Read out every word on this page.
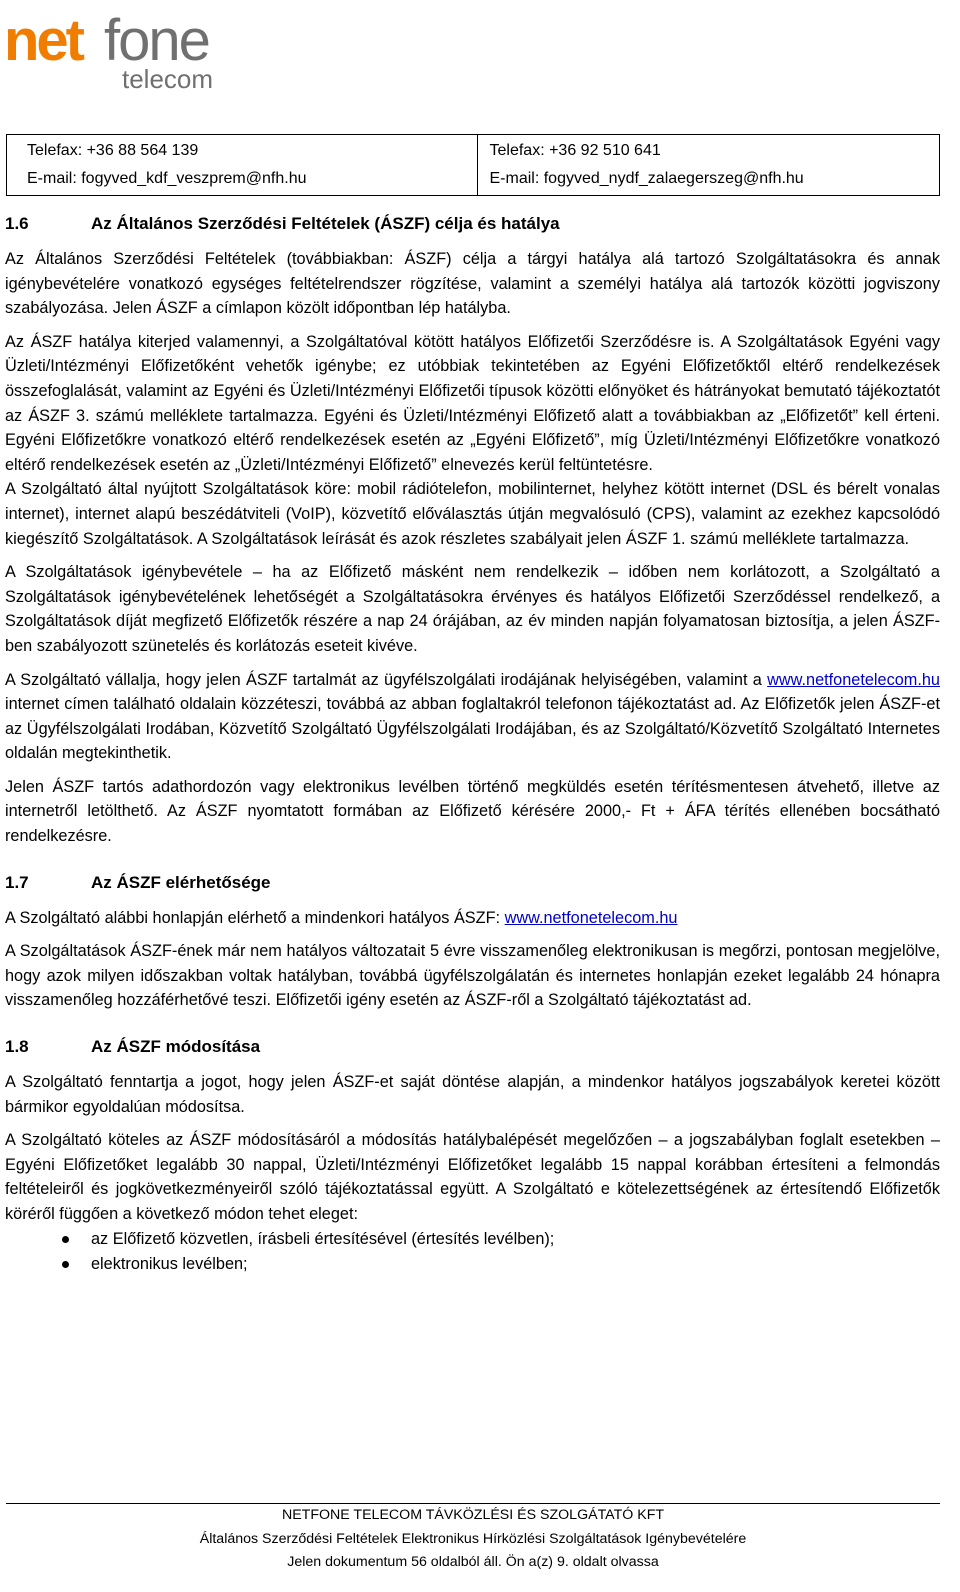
net fone
telecom
Telefax: +36 88 564 139
E-mail: fogyved_kdf_veszprem@nfh.hu
Telefax: +36 92 510 641
E-mail: fogyved_nydf_zalaegerszeg@nfh.hu
1.6	Az Általános Szerződési Feltételek (ÁSZF) célja és hatálya

Az Általános Szerződési Feltételek (továbbiakban: ÁSZF) célja a tárgyi hatálya alá tartozó Szolgáltatásokra és annak igénybevételére vonatkozó egységes feltételrendszer rögzítése, valamint a személyi hatálya alá tartozók közötti jogviszony szabályozása. Jelen ÁSZF a címlapon közölt időpontban lép hatályba.

Az ÁSZF hatálya kiterjed valamennyi, a Szolgáltatóval kötött hatályos Előfizetői Szerződésre is. A Szolgáltatások Egyéni vagy Üzleti/Intézményi Előfizetőként vehetők igénybe; ez utóbbiak tekintetében az Egyéni Előfizetőktől eltérő rendelkezések összefoglalását, valamint az Egyéni és Üzleti/Intézményi Előfizetői típusok közötti előnyöket és hátrányokat bemutató tájékoztatót az ÁSZF 3. számú melléklete tartalmazza. Egyéni és Üzleti/Intézményi Előfizető alatt a továbbiakban az „Előfizetőt” kell érteni. Egyéni Előfizetőkre vonatkozó eltérő rendelkezések esetén az „Egyéni Előfizető”, míg Üzleti/Intézményi Előfizetőkre vonatkozó eltérő rendelkezések esetén az „Üzleti/Intézményi Előfizető” elnevezés kerül feltüntetésre.

A Szolgáltató által nyújtott Szolgáltatások köre: mobil rádiótelefon, mobilinternet, helyhez kötött internet (DSL és bérelt vonalas internet), internet alapú beszédátviteli (VoIP), közvetítő előválasztás útján megvalósuló (CPS), valamint az ezekhez kapcsolódó kiegészítő Szolgáltatások. A Szolgáltatások leírását és azok részletes szabályait jelen ÁSZF 1. számú melléklete tartalmazza.

A Szolgáltatások igénybevétele – ha az Előfizető másként nem rendelkezik – időben nem korlátozott, a Szolgáltató a Szolgáltatások igénybevételének lehetőségét a Szolgáltatásokra érvényes és hatályos Előfizetői Szerződéssel rendelkező, a Szolgáltatások díját megfizető Előfizetők részére a nap 24 órájában, az év minden napján folyamatosan biztosítja, a jelen ÁSZF-ben szabályozott szünetelés és korlátozás eseteit kivéve.

A Szolgáltató vállalja, hogy jelen ÁSZF tartalmát az ügyfélszolgálati irodájának helyiségében, valamint a www.netfonetelecom.hu internet címen található oldalain közzéteszi, továbbá az abban foglaltakról telefonon tájékoztatást ad. Az Előfizetők jelen ÁSZF-et az Ügyfélszolgálati Irodában, Közvetítő Szolgáltató Ügyfélszolgálati Irodájában, és az Szolgáltató/Közvetítő Szolgáltató Internetes oldalán megtekinthetik.

Jelen ÁSZF tartós adathordozón vagy elektronikus levélben történő megküldés esetén térítésmentesen átvehető, illetve az internetről letölthető. Az ÁSZF nyomtatott formában az Előfizető kérésére 2000,- Ft + ÁFA térítés ellenében bocsátható rendelkezésre.

1.7	Az ÁSZF elérhetősége

A Szolgáltató alábbi honlapján elérhető a mindenkori hatályos ÁSZF: www.netfonetelecom.hu

A Szolgáltatások ÁSZF-ének már nem hatályos változatait 5 évre visszamenőleg elektronikusan is megőrzi, pontosan megjelölve, hogy azok milyen időszakban voltak hatályban, továbbá ügyfélszolgálatán és internetes honlapján ezeket legalább 24 hónapra visszamenőleg hozzáférhetővé teszi. Előfizetői igény esetén az ÁSZF-ről a Szolgáltató tájékoztatást ad.

1.8	Az ÁSZF módosítása

A Szolgáltató fenntartja a jogot, hogy jelen ÁSZF-et saját döntése alapján, a mindenkor hatályos jogszabályok keretei között bármikor egyoldalúan módosítsa.

A Szolgáltató köteles az ÁSZF módosításáról a módosítás hatálybalépését megelőzően – a jogszabályban foglalt esetekben – Egyéni Előfizetőket legalább 30 nappal, Üzleti/Intézményi Előfizetőket legalább 15 nappal korábban értesíteni a felmondás feltételeiről és jogkövetkezményeiről szóló tájékoztatással együtt. A Szolgáltató e kötelezettségének az értesítendő Előfizetők köréről függően a következő módon tehet eleget:

az Előfizető közvetlen, írásbeli értesítésével (értesítés levélben);
elektronikus levélben;
NETFONE TELECOM TÁVKÖZLÉSI ÉS SZOLGÁTATÓ KFT
Általános Szerződési Feltételek Elektronikus Hírközlési Szolgáltatások Igénybevételére
Jelen dokumentum 56 oldalból áll. Ön a(z) 9. oldalt olvassa
